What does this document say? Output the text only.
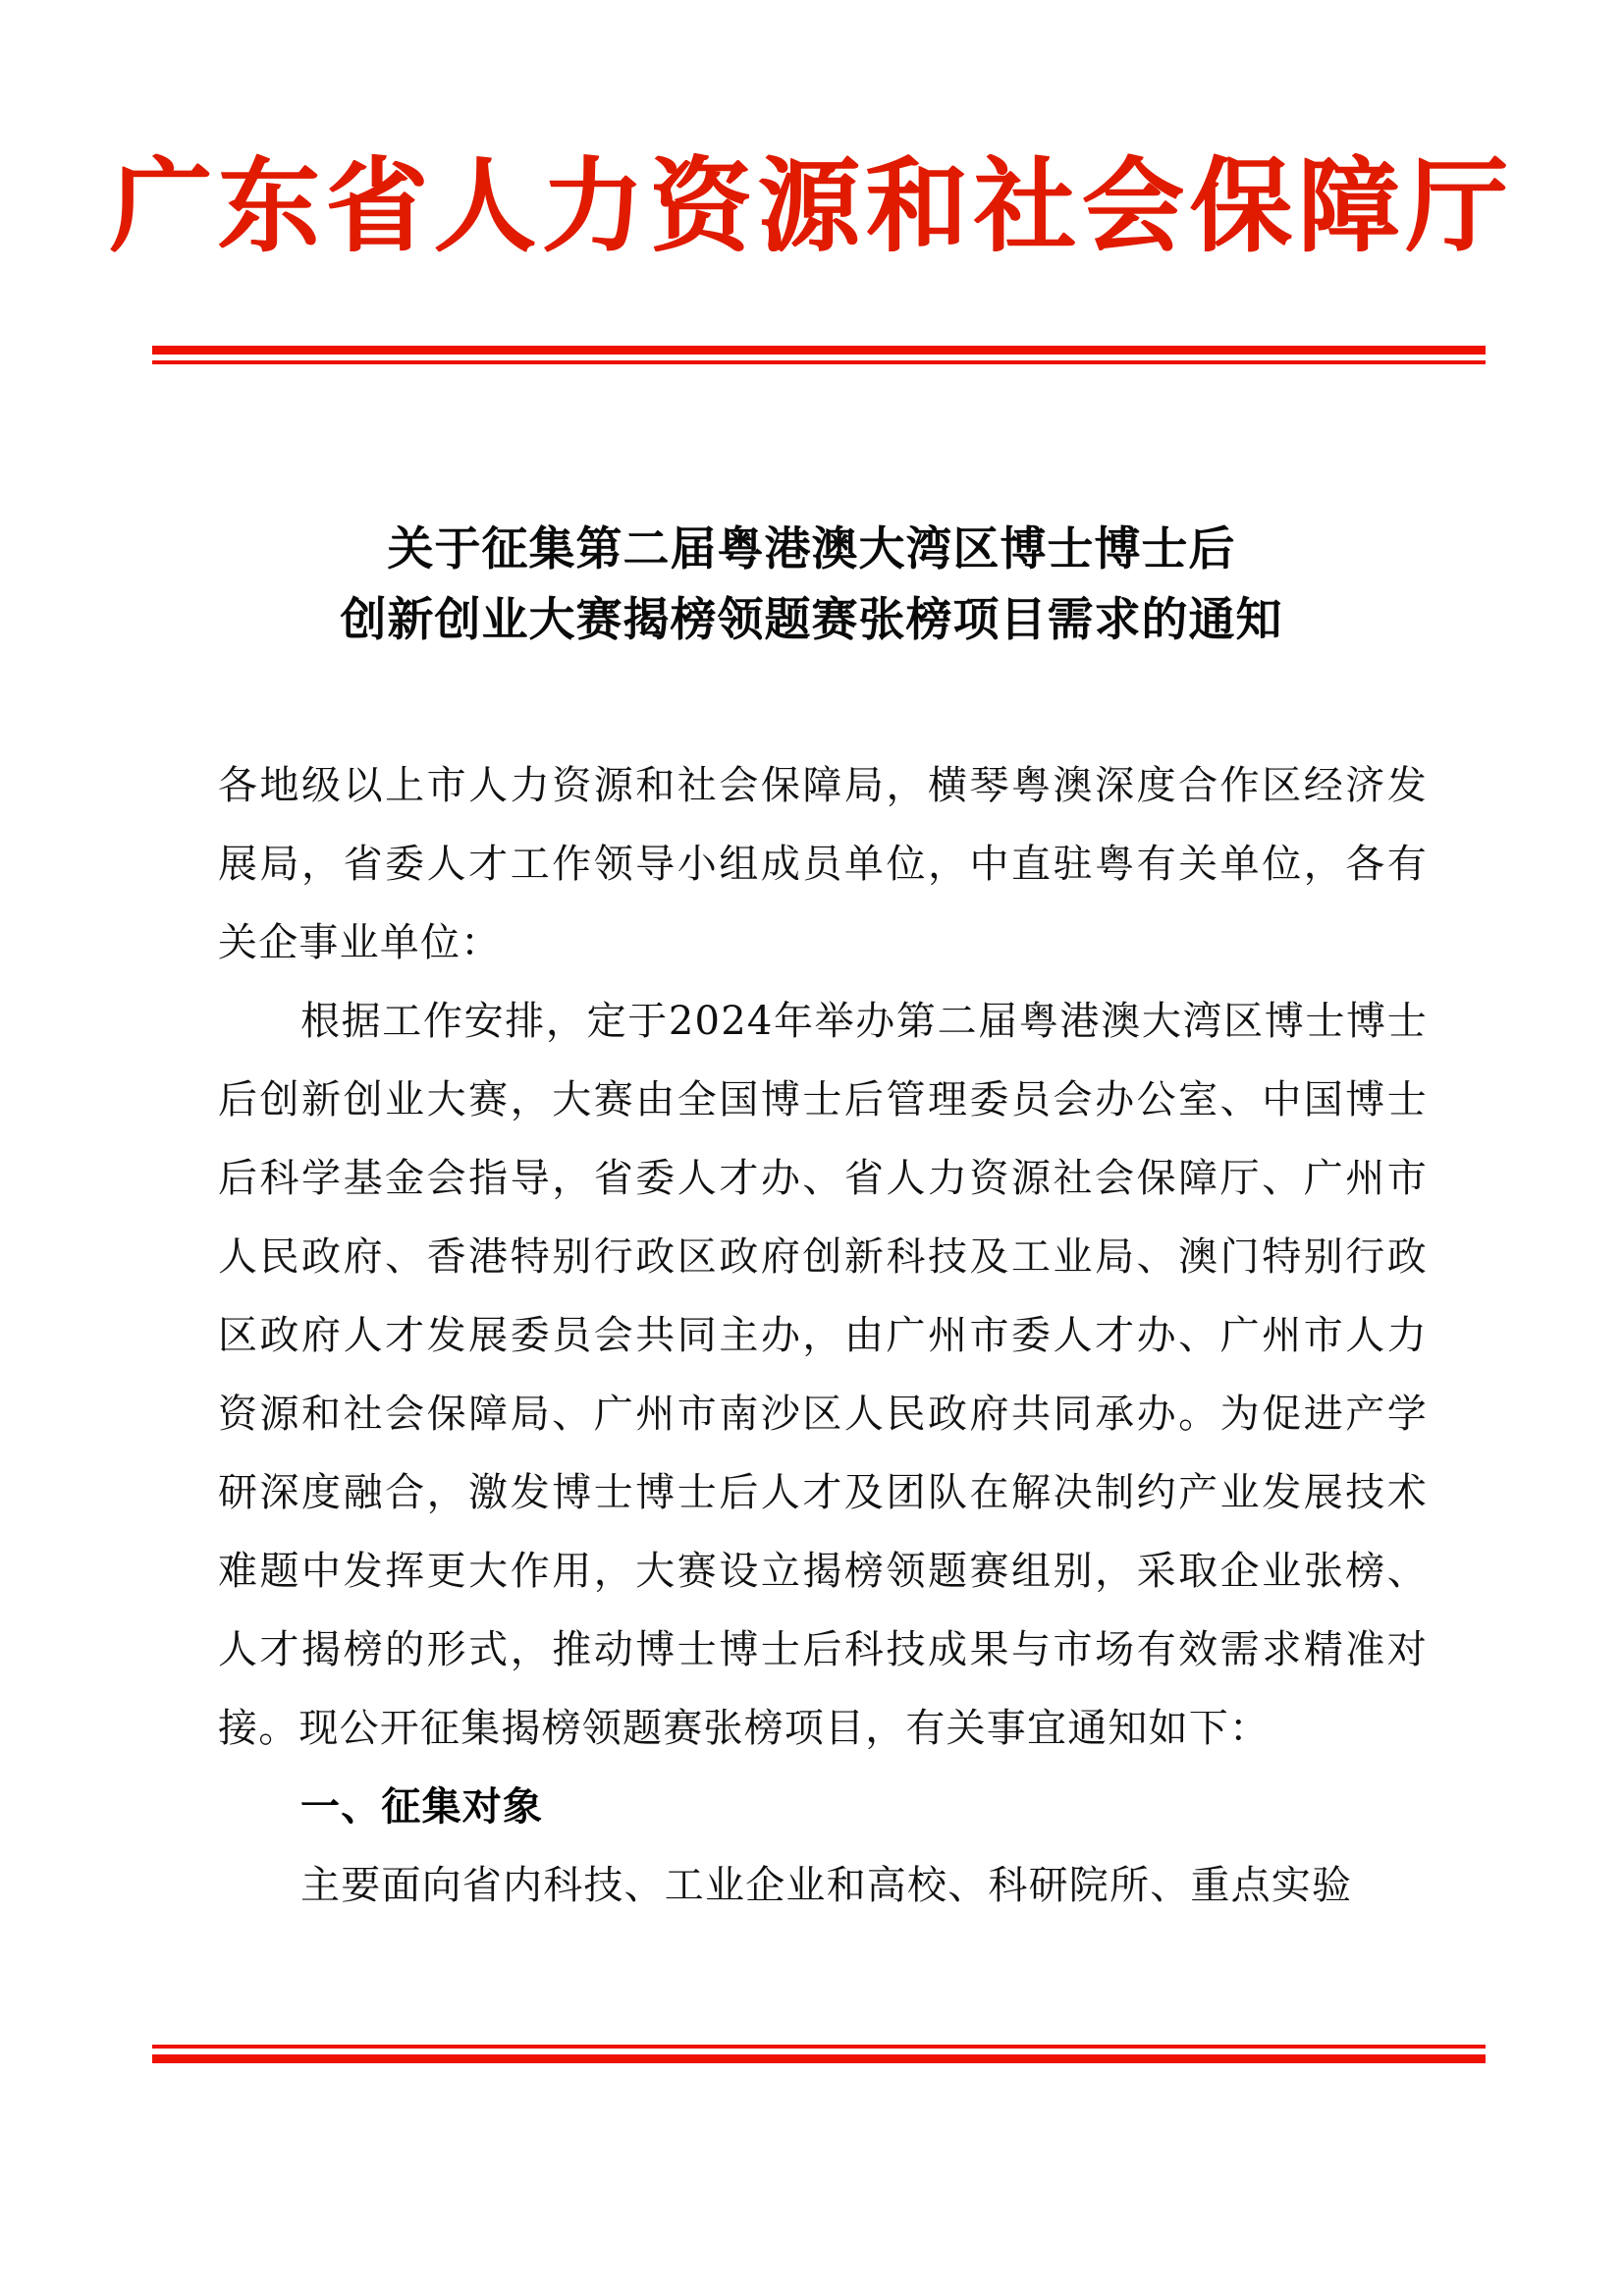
广东省人力资源和社会保障厅
关于征集第二届粤港澳大湾区博士博士后
创新创业大赛揭榜领题赛张榜项目需求的通知

各地级以上市人力资源和社会保障局，横琴粤澳深度合作区经济发展局，省委人才工作领导小组成员单位，中直驻粤有关单位，各有关企事业单位：

根据工作安排，定于2024年举办第二届粤港澳大湾区博士博士后创新创业大赛，大赛由全国博士后管理委员会办公室、中国博士后科学基金会指导，省委人才办、省人力资源社会保障厅、广州市人民政府、香港特别行政区政府创新科技及工业局、澳门特别行政区政府人才发展委员会共同主办，由广州市委人才办、广州市人力资源和社会保障局、广州市南沙区人民政府共同承办。为促进产学研深度融合，激发博士博士后人才及团队在解决制约产业发展技术难题中发挥更大作用，大赛设立揭榜领题赛组别，采取企业张榜、人才揭榜的形式，推动博士博士后科技成果与市场有效需求精准对接。现公开征集揭榜领题赛张榜项目，有关事宜通知如下：

一、征集对象

主要面向省内科技、工业企业和高校、科研院所、重点实验
